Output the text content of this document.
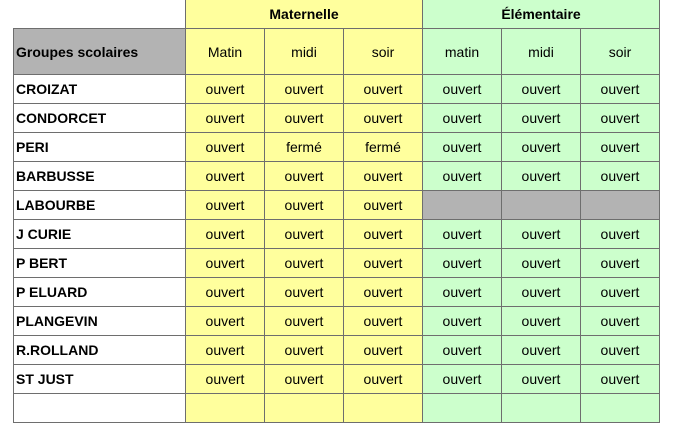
	Maternelle			Élémentaire		
Groupes scolaires	Matin	midi	soir	matin	midi	soir
CROIZAT	ouvert	ouvert	ouvert	ouvert	ouvert	ouvert
CONDORCET	ouvert	ouvert	ouvert	ouvert	ouvert	ouvert
PERI	ouvert	fermé	fermé	ouvert	ouvert	ouvert
BARBUSSE	ouvert	ouvert	ouvert	ouvert	ouvert	ouvert
LABOURBE	ouvert	ouvert	ouvert			
J CURIE	ouvert	ouvert	ouvert	ouvert	ouvert	ouvert
P BERT	ouvert	ouvert	ouvert	ouvert	ouvert	ouvert
P ELUARD	ouvert	ouvert	ouvert	ouvert	ouvert	ouvert
PLANGEVIN	ouvert	ouvert	ouvert	ouvert	ouvert	ouvert
R.ROLLAND	ouvert	ouvert	ouvert	ouvert	ouvert	ouvert
ST JUST	ouvert	ouvert	ouvert	ouvert	ouvert	ouvert
